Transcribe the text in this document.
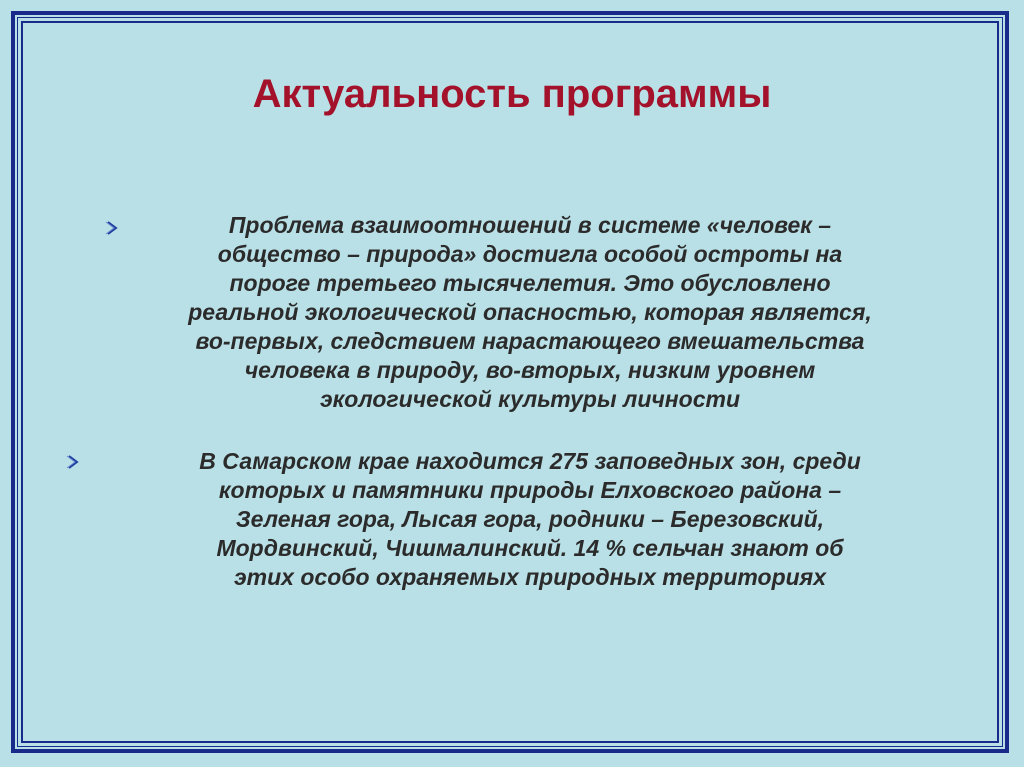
Актуальность программы
Проблема взаимоотношений в системе «человек –
общество – природа» достигла особой остроты на
пороге третьего тысячелетия. Это обусловлено
реальной экологической опасностью, которая является,
во-первых, следствием нарастающего вмешательства
человека в природу, во-вторых, низким уровнем
экологической культуры личности
В Самарском крае находится 275 заповедных зон, среди
которых и памятники природы Елховского района –
Зеленая гора, Лысая гора, родники – Березовский,
Мордвинский, Чишмалинский. 14 % сельчан знают об
этих особо охраняемых природных территориях
